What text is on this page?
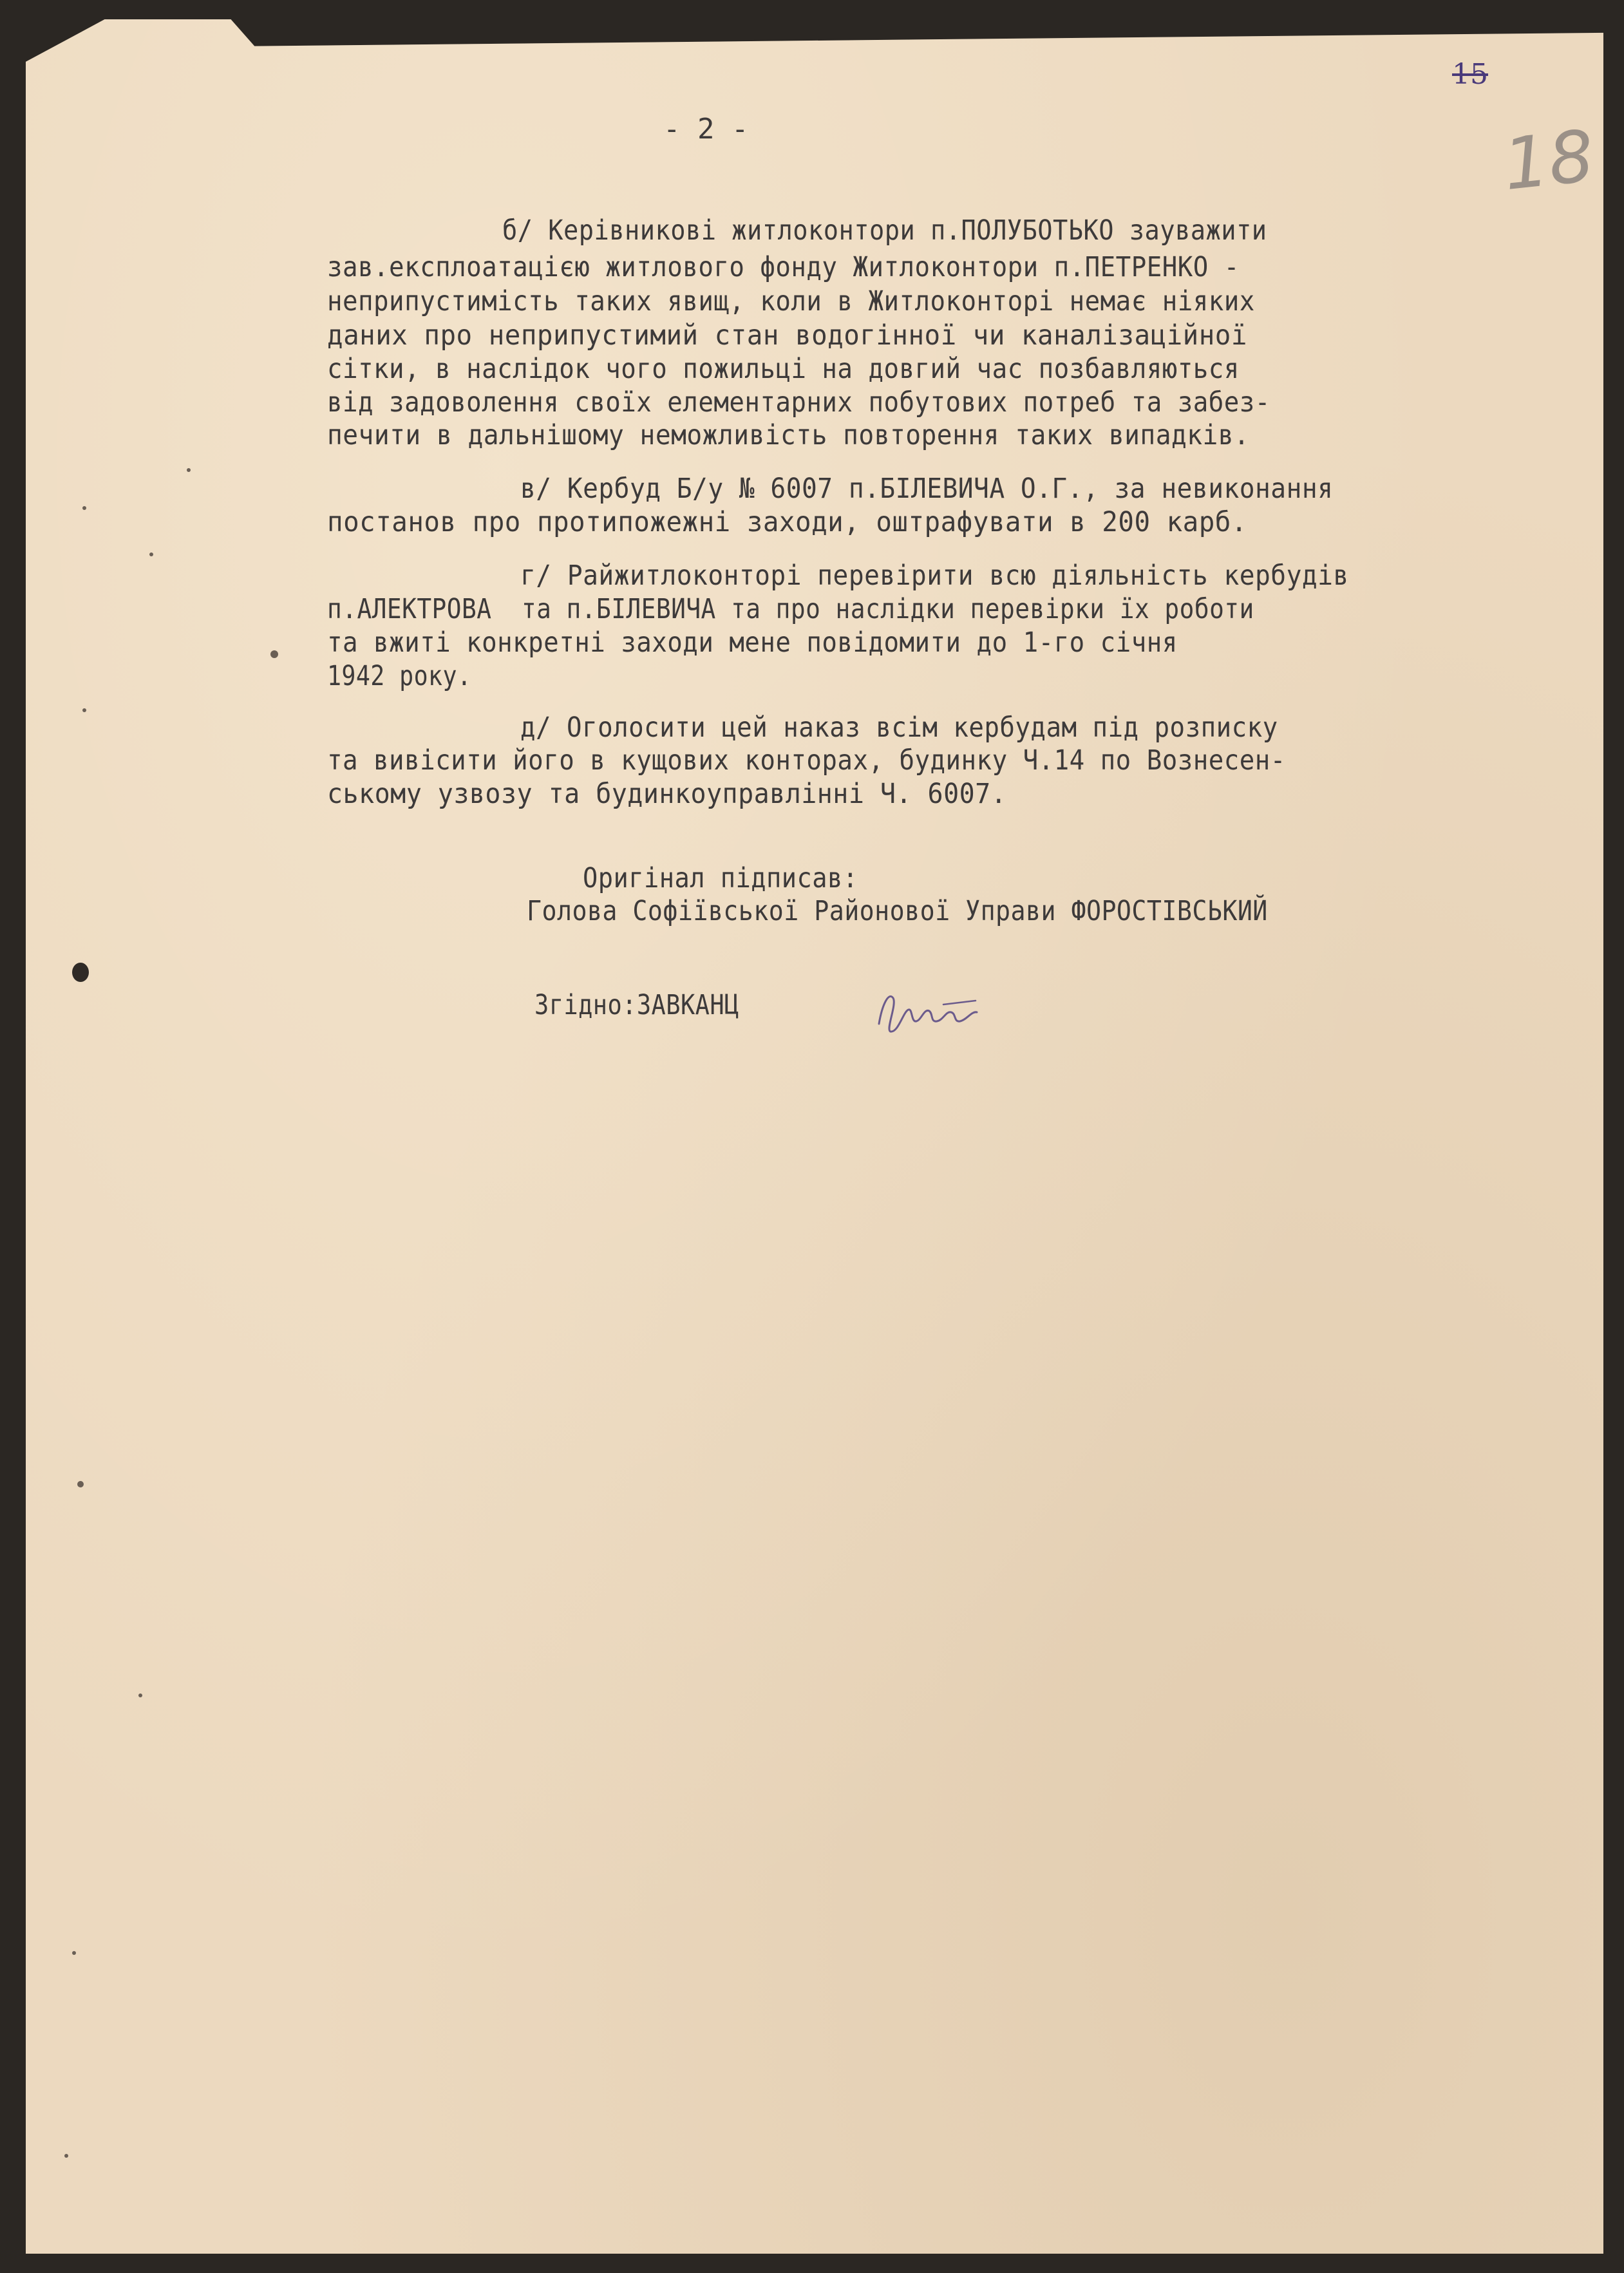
15
18
- 2 -
б/ Керівникові житлоконтори п.ПОЛУБОТЬКО зауважити
зав.експлоатацією житлового фонду Житлоконтори п.ПЕТРЕНКО -
неприпустимість таких явищ, коли в Житлоконторі немає ніяких
даних про неприпустимий стан водогінної чи каналізаційної
сітки, в наслідок чого пожильці на довгий час позбавляються
від задоволення своїх елементарних побутових потреб та забез-
печити в дальнішому неможливість повторення таких випадків.
в/ Кербуд Б/у № 6007 п.БІЛЕВИЧА О.Г., за невиконання
постанов про протипожежні заходи, оштрафувати в 200 карб.
г/ Райжитлоконторі перевірити всю діяльність кербудів
п.АЛЕКТРОВА  та п.БІЛЕВИЧА та про наслідки перевірки їх роботи
та вжиті конкретні заходи мене повідомити до 1-го січня
1942 року.
д/ Оголосити цей наказ всім кербудам під розписку
та вивісити його в кущових конторах, будинку Ч.14 по Вознесен-
ському узвозу та будинкоуправлінні Ч. 6007.
Оригінал підписав:
Голова Софіївської Районової Управи ФОРОСТІВСЬКИЙ
Згідно:ЗАВКАНЦ
